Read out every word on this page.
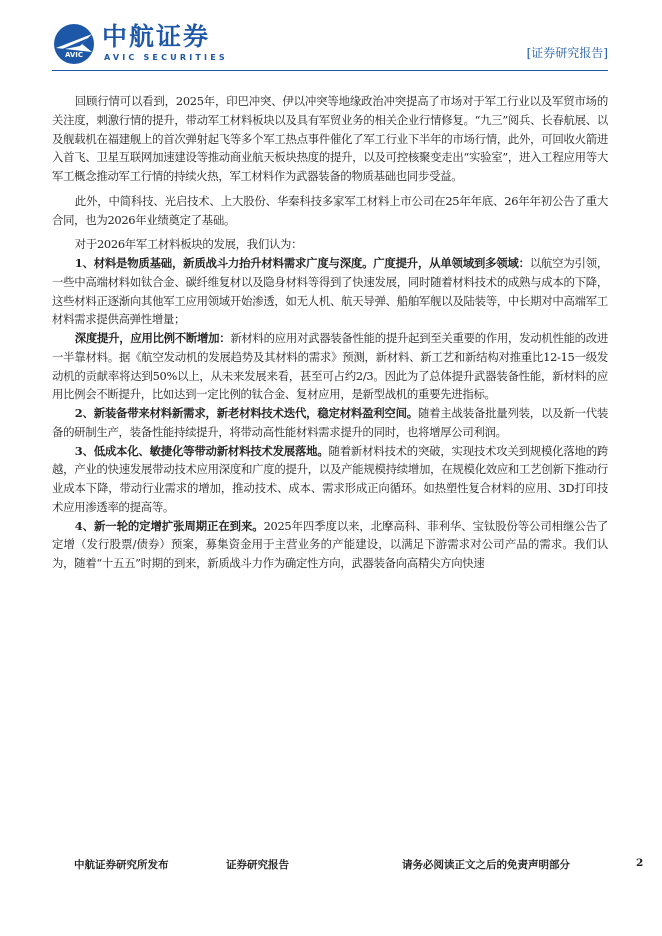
AVIC
中航证券
AVIC SECURITIES	[证券研究报告]

回顾行情可以看到，2025年，印巴冲突、伊以冲突等地缘政治冲突提高了市场对于军工行业以及军贸市场的关注度，刺激行情的提升，带动军工材料板块以及具有军贸业务的相关企业行情修复。“九三”阅兵、长春航展、以及舰载机在福建舰上的首次弹射起飞等多个军工热点事件催化了军工行业下半年的市场行情，此外，可回收火箭进入首飞、卫星互联网加速建设等推动商业航天板块热度的提升，以及可控核聚变走出“实验室”，进入工程应用等大军工概念推动军工行情的持续火热，军工材料作为武器装备的物质基础也同步受益。

此外，中简科技、光启技术、上大股份、华秦科技多家军工材料上市公司在25年年底、26年年初公告了重大合同，也为2026年业绩奠定了基础。

对于2026年军工材料板块的发展，我们认为：

1、材料是物质基础，新质战斗力抬升材料需求广度与深度。广度提升，从单领域到多领域：以航空为引领，一些中高端材料如钛合金、碳纤维复材以及隐身材料等得到了快速发展，同时随着材料技术的成熟与成本的下降，这些材料正逐渐向其他军工应用领域开始渗透，如无人机、航天导弹、船舶军舰以及陆装等，中长期对中高端军工材料需求提供高弹性增量；

深度提升，应用比例不断增加：新材料的应用对武器装备性能的提升起到至关重要的作用，发动机性能的改进一半靠材料。据《航空发动机的发展趋势及其材料的需求》预测，新材料、新工艺和新结构对推重比12-15一级发动机的贡献率将达到50%以上，从未来发展来看，甚至可占约2/3。因此为了总体提升武器装备性能，新材料的应用比例会不断提升，比如达到一定比例的钛合金、复材应用，是新型战机的重要先进指标。

2、新装备带来材料新需求，新老材料技术迭代，稳定材料盈利空间。随着主战装备批量列装，以及新一代装备的研制生产，装备性能持续提升，将带动高性能材料需求提升的同时，也将增厚公司利润。

3、低成本化、敏捷化等带动新材料技术发展落地。随着新材料技术的突破，实现技术攻关到规模化落地的跨越，产业的快速发展带动技术应用深度和广度的提升，以及产能规模持续增加，在规模化效应和工艺创新下推动行业成本下降，带动行业需求的增加，推动技术、成本、需求形成正向循环。如热塑性复合材料的应用、3D打印技术应用渗透率的提高等。

4、新一轮的定增扩张周期正在到来。2025年四季度以来，北摩高科、菲利华、宝钛股份等公司相继公告了定增（发行股票/债券）预案，募集资金用于主营业务的产能建设，以满足下游需求对公司产品的需求。我们认为，随着“十五五”时期的到来，新质战斗力作为确定性方向，武器装备向高精尖方向快速

中航证券研究所发布	证券研究报告	请务必阅读正文之后的免责声明部分	2
